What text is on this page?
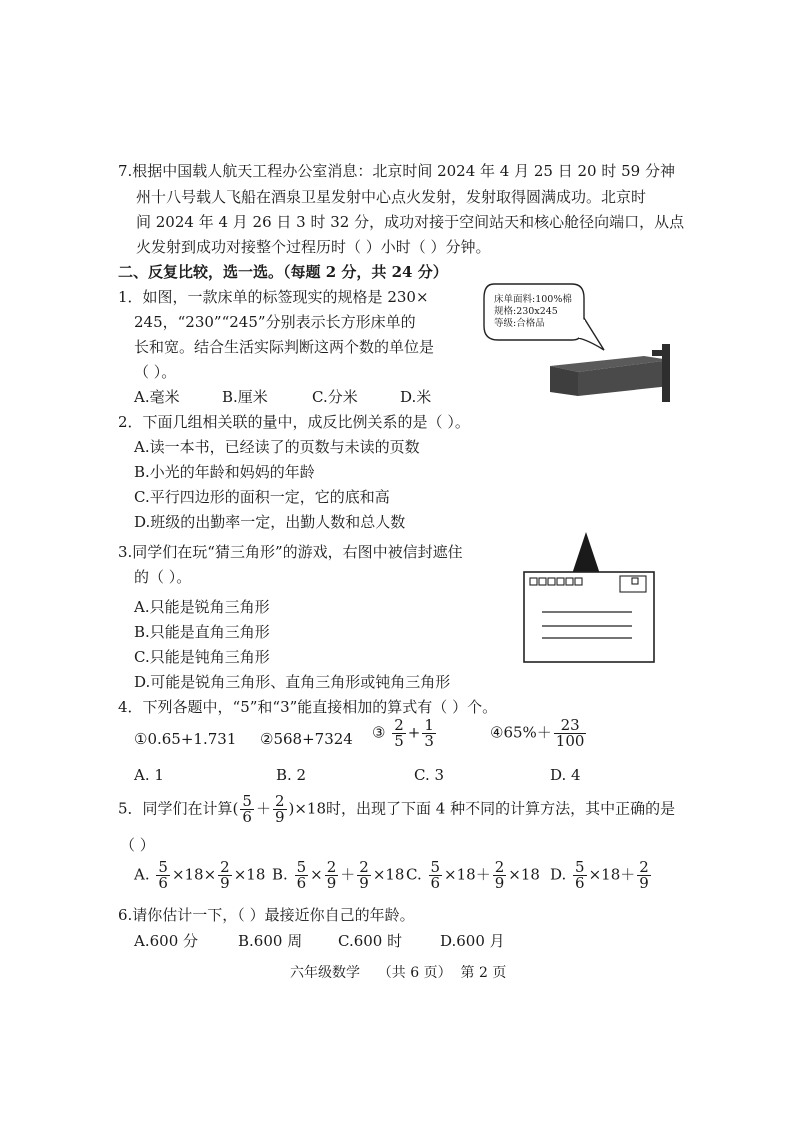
7.根据中国载人航天工程办公室消息：北京时间 2024 年 4 月 25 日 20 时 59 分神
州十八号载人飞船在酒泉卫星发射中心点火发射，发射取得圆满成功。北京时
间 2024 年 4 月 26 日 3 时 32 分，成功对接于空间站天和核心舱径向端口，从点
火发射到成功对接整个过程历时（ ）小时（ ）分钟。
二、反复比较，选一选。（每题 2 分，共 24 分）
1．如图，一款床单的标签现实的规格是 230×
245，“230”“245”分别表示长方形床单的
长和宽。结合生活实际判断这两个数的单位是
（ ）。
A.毫米	B.厘米	C.分米	D.米
床单面料:100%棉
规格:230x245
等级:合格品
2．下面几组相关联的量中，成反比例关系的是（ ）。
A.读一本书，已经读了的页数与未读的页数
B.小光的年龄和妈妈的年龄
C.平行四边形的面积一定，它的底和高
D.班级的出勤率一定，出勤人数和总人数
3.同学们在玩“猜三角形”的游戏，右图中被信封遮住
的（ ）。
A.只能是锐角三角形
B.只能是直角三角形
C.只能是钝角三角形
D.可能是锐角三角形、直角三角形或钝角三角形
4．下列各题中，“5”和“3”能直接相加的算式有（ ）个。
①0.65+1.731 ②568+7324 ③ $\frac{2}{5} + \frac{1}{3}$	④65%＋ $\frac{23}{100}$
A. 1	B. 2	C. 3	D. 4
5．同学们在计算( $\frac{5}{6} + \frac{2}{9} )\times 18$时，出现了下面 4 种不同的计算方法，其中正确的是
（ ）
A. $\frac{5}{6} \times 18\times \frac{2}{9} \times 18$ B. $\frac{5}{6} \times \frac{2}{9} + \frac{2}{9} \times 18$ C. $\frac{5}{6} \times 18+ \frac{2}{9} \times 18$ D. $\frac{5}{6} \times 18+ \frac{2}{9}$
6.请你估计一下，（ ）最接近你自己的年龄。
A.600 分	B.600 周 C.600 时	D.600 月
六年级数学    （共 6 页）  第 2 页
